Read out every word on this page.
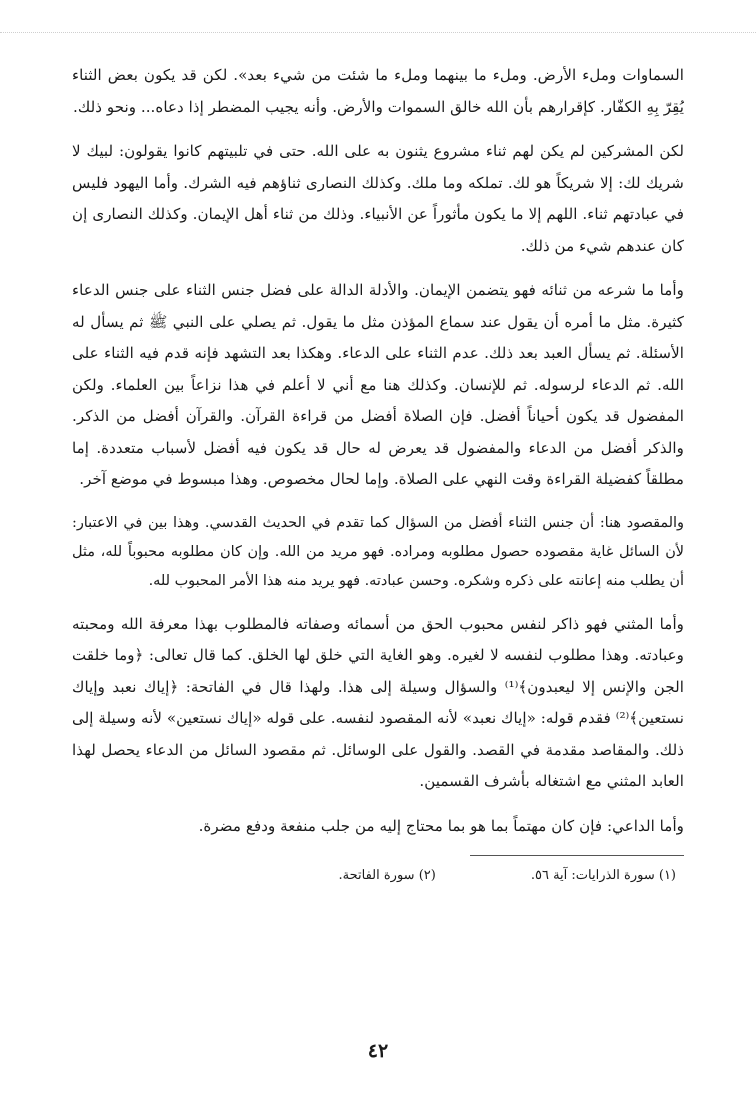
السماوات وملء الأرض. وملء ما بينهما وملء ما شئت من شيء بعد». لكن قد يكون بعض الثناء يُقِرّ بِهِ الكفّار. كإقرارهم بأن الله خالق السموات والأرض. وأنه يجيب المضطر إذا دعاه... ونحو ذلك.

لكن المشركين لم يكن لهم ثناء مشروع يثنون به على الله. حتى في تلبيتهم كانوا يقولون: لبيك لا شريك لك: إلا شريكاً هو لك. تملكه وما ملك. وكذلك النصارى ثناؤهم فيه الشرك. وأما اليهود فليس في عبادتهم ثناء. اللهم إلا ما يكون مأثوراً عن الأنبياء. وذلك من ثناء أهل الإيمان. وكذلك النصارى إن كان عندهم شيء من ذلك.

وأما ما شرعه من ثنائه فهو يتضمن الإيمان. والأدلة الدالة على فضل جنس الثناء على جنس الدعاء كثيرة. مثل ما أمره أن يقول عند سماع المؤذن مثل ما يقول. ثم يصلي على النبي ﷺ ثم يسأل له الأسئلة. ثم يسأل العبد بعد ذلك. عدم الثناء على الدعاء. وهكذا بعد التشهد فإنه قدم فيه الثناء على الله. ثم الدعاء لرسوله. ثم للإنسان. وكذلك هنا مع أني لا أعلم في هذا نزاعاً بين العلماء. ولكن المفضول قد يكون أحياناً أفضل. فإن الصلاة أفضل من قراءة القرآن. والقرآن أفضل من الذكر. والذكر أفضل من الدعاء والمفضول قد يعرض له حال قد يكون فيه أفضل لأسباب متعددة. إما مطلقاً كفضيلة القراءة وقت النهي على الصلاة. وإما لحال مخصوص. وهذا مبسوط في موضع آخر.

والمقصود هنا: أن جنس الثناء أفضل من السؤال كما تقدم في الحديث القدسي. وهذا بين في الاعتبار: لأن السائل غاية مقصوده حصول مطلوبه ومراده. فهو مريد من الله. وإن كان مطلوبه محبوباً لله، مثل أن يطلب منه إعانته على ذكره وشكره. وحسن عبادته. فهو يريد منه هذا الأمر المحبوب لله.

وأما المثني فهو ذاكر لنفس محبوب الحق من أسمائه وصفاته فالمطلوب بهذا معرفة الله ومحبته وعبادته. وهذا مطلوب لنفسه لا لغيره. وهو الغاية التي خلق لها الخلق. كما قال تعالى: ﴿وما خلقت الجن والإنس إلا ليعبدون﴾⁽¹⁾ والسؤال وسيلة إلى هذا. ولهذا قال في الفاتحة: ﴿إياك نعبد وإياك نستعين﴾⁽²⁾ فقدم قوله: «إياك نعبد» لأنه المقصود لنفسه. على قوله «إياك نستعين» لأنه وسيلة إلى ذلك. والمقاصد مقدمة في القصد. والقول على الوسائل. ثم مقصود السائل من الدعاء يحصل لهذا العابد المثني مع اشتغاله بأشرف القسمين.

وأما الداعي: فإن كان مهتماً بما هو بما محتاج إليه من جلب منفعة ودفع مضرة.

(١) سورة الذرايات: آية ٥٦.
(٢) سورة الفاتحة.
٤٢
